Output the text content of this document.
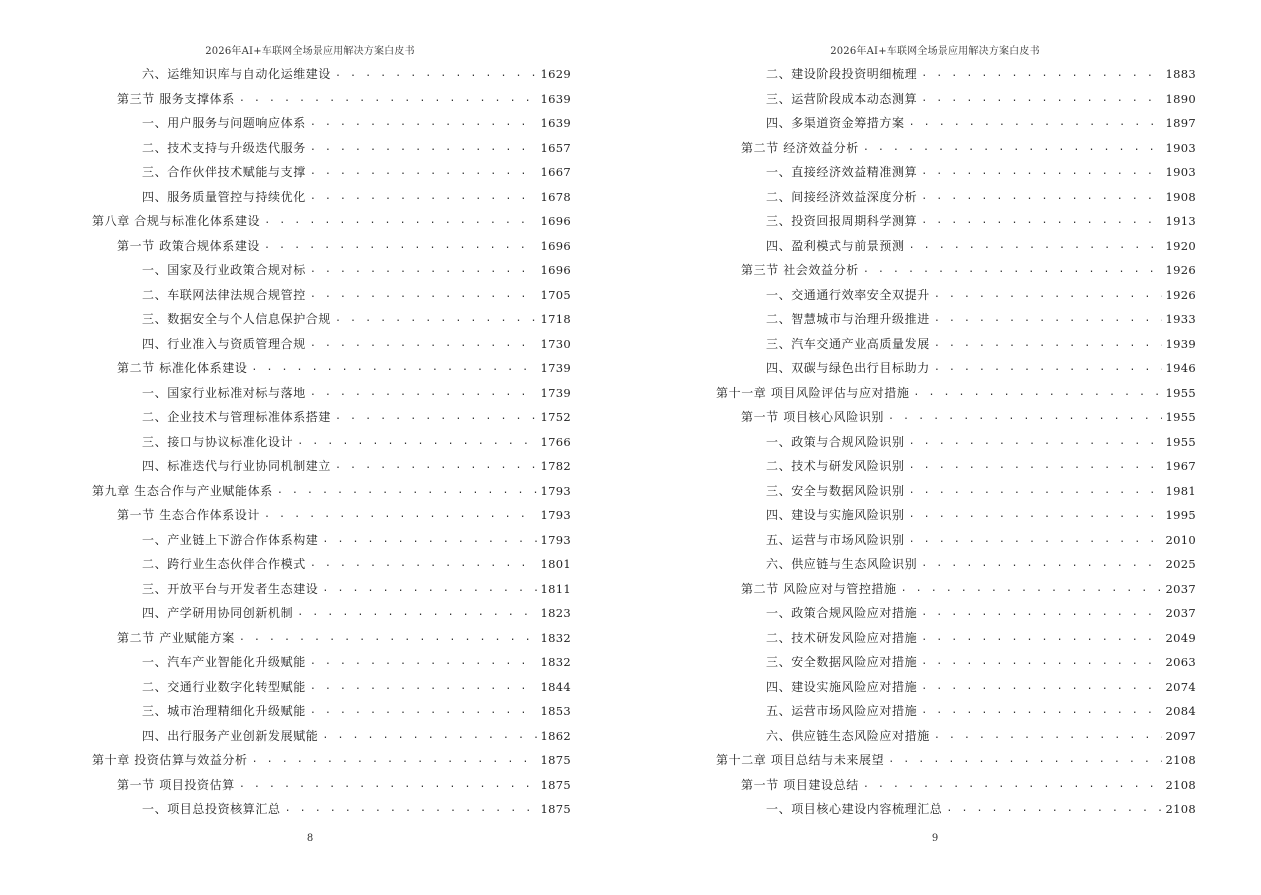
2026年AI+车联网全场景应用解决方案白皮书
六、运维知识库与自动化运维建设 . . .	1629
第三节 服务支撑体系 . . .	1639
一、用户服务与问题响应体系 . . .	1639
二、技术支持与升级迭代服务 . . .	1657
三、合作伙伴技术赋能与支撑 . . .	1667
四、服务质量管控与持续优化 . . .	1678
第八章 合规与标准化体系建设 . . .	1696
第一节 政策合规体系建设 . . .	1696
一、国家及行业政策合规对标 . . .	1696
二、车联网法律法规合规管控 . . .	1705
三、数据安全与个人信息保护合规 . . .	1718
四、行业准入与资质管理合规 . . .	1730
第二节 标准化体系建设 . . .	1739
一、国家行业标准对标与落地 . . .	1739
二、企业技术与管理标准体系搭建 . . .	1752
三、接口与协议标准化设计 . . .	1766
四、标准迭代与行业协同机制建立 . . .	1782
第九章 生态合作与产业赋能体系 . . .	1793
第一节 生态合作体系设计 . . .	1793
一、产业链上下游合作体系构建 . . .	1793
二、跨行业生态伙伴合作模式 . . .	1801
三、开放平台与开发者生态建设 . . .	1811
四、产学研用协同创新机制 . . .	1823
第二节 产业赋能方案 . . .	1832
一、汽车产业智能化升级赋能 . . .	1832
二、交通行业数字化转型赋能 . . .	1844
三、城市治理精细化升级赋能 . . .	1853
四、出行服务产业创新发展赋能 . . .	1862
第十章 投资估算与效益分析 . . .	1875
第一节 项目投资估算 . . .	1875
一、项目总投资核算汇总 . . .	1875
8
2026年AI+车联网全场景应用解决方案白皮书
二、建设阶段投资明细梳理 . . .	1883
三、运营阶段成本动态测算 . . .	1890
四、多渠道资金筹措方案 . . .	1897
第二节 经济效益分析 . . .	1903
一、直接经济效益精准测算 . . .	1903
二、间接经济效益深度分析 . . .	1908
三、投资回报周期科学测算 . . .	1913
四、盈利模式与前景预测 . . .	1920
第三节 社会效益分析 . . .	1926
一、交通通行效率安全双提升 . . .	1926
二、智慧城市与治理升级推进 . . .	1933
三、汽车交通产业高质量发展 . . .	1939
四、双碳与绿色出行目标助力 . . .	1946
第十一章 项目风险评估与应对措施 . . .	1955
第一节 项目核心风险识别 . . .	1955
一、政策与合规风险识别 . . .	1955
二、技术与研发风险识别 . . .	1967
三、安全与数据风险识别 . . .	1981
四、建设与实施风险识别 . . .	1995
五、运营与市场风险识别 . . .	2010
六、供应链与生态风险识别 . . .	2025
第二节 风险应对与管控措施 . . .	2037
一、政策合规风险应对措施 . . .	2037
二、技术研发风险应对措施 . . .	2049
三、安全数据风险应对措施 . . .	2063
四、建设实施风险应对措施 . . .	2074
五、运营市场风险应对措施 . . .	2084
六、供应链生态风险应对措施 . . .	2097
第十二章 项目总结与未来展望 . . .	2108
第一节 项目建设总结 . . .	2108
一、项目核心建设内容梳理汇总 . . .	2108
9
